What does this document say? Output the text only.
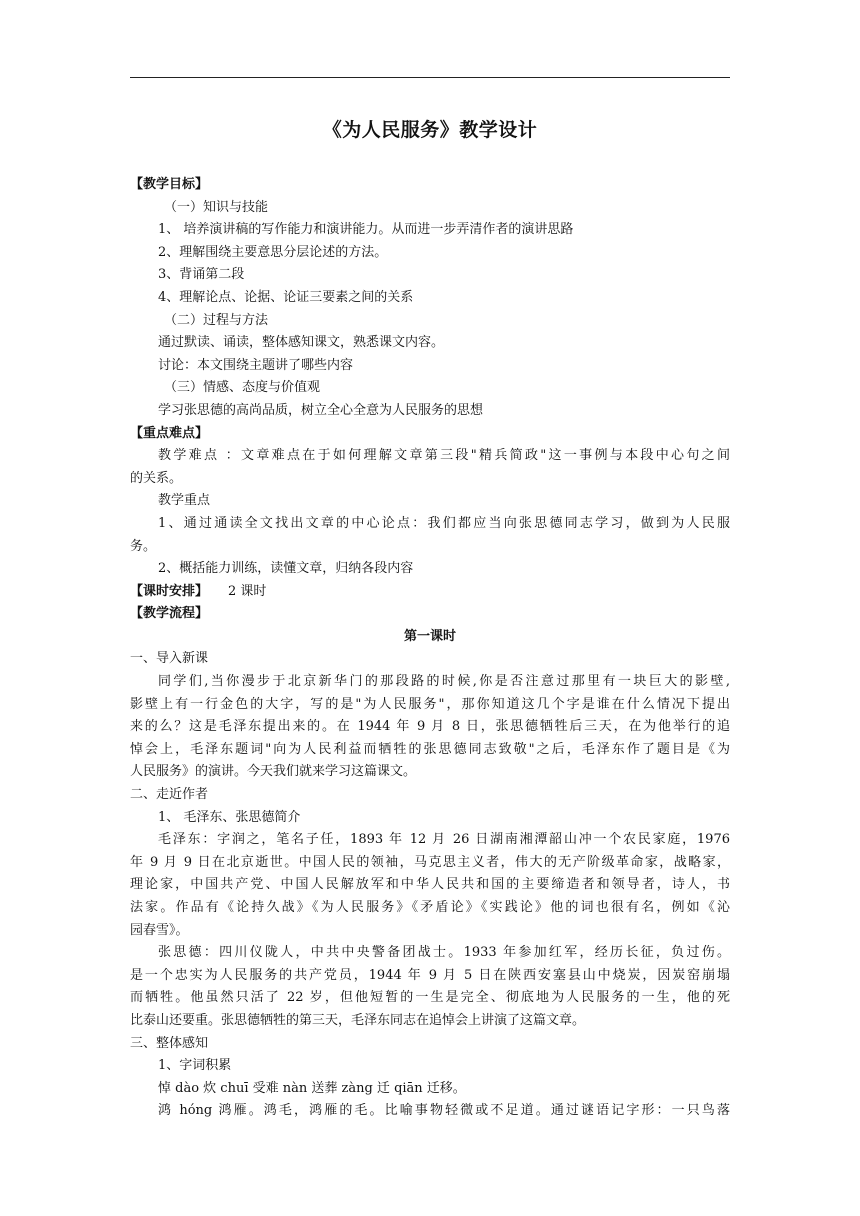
《为人民服务》教学设计
【教学目标】
（一）知识与技能
1、 培养演讲稿的写作能力和演讲能力。从而进一步弄清作者的演讲思路
2、理解围绕主要意思分层论述的方法。
3、背诵第二段
4、理解论点、论据、论证三要素之间的关系
（二）过程与方法
通过默读、诵读，整体感知课文，熟悉课文内容。
讨论：本文围绕主题讲了哪些内容
（三）情感、态度与价值观
学习张思德的高尚品质，树立全心全意为人民服务的思想
【重点难点】
教学难点 ：文章难点在于如何理解文章第三段"精兵简政"这一事例与本段中心句之间
的关系。
教学重点
1、通过通读全文找出文章的中心论点：我们都应当向张思德同志学习，做到为人民服
务。
2、概括能力训练，读懂文章，归纳各段内容
【课时安排】 2 课时
【教学流程】
第一课时
一、导入新课
同学们,当你漫步于北京新华门的那段路的时候,你是否注意过那里有一块巨大的影壁,
影壁上有一行金色的大字，写的是"为人民服务"，那你知道这几个字是谁在什么情况下提出
来的么？这是毛泽东提出来的。在 1944 年 9 月 8 日，张思德牺牲后三天，在为他举行的追
悼会上，毛泽东题词"向为人民利益而牺牲的张思德同志致敬"之后，毛泽东作了题目是《为
人民服务》的演讲。今天我们就来学习这篇课文。
二、走近作者
1、 毛泽东、张思德简介
毛泽东：字润之，笔名子任，1893 年 12 月 26 日湖南湘潭韶山冲一个农民家庭，1976
年 9 月 9 日在北京逝世。中国人民的领袖，马克思主义者，伟大的无产阶级革命家，战略家，
理论家，中国共产党、中国人民解放军和中华人民共和国的主要缔造者和领导者，诗人，书
法家。作品有《论持久战》《为人民服务》《矛盾论》《实践论》他的词也很有名，例如《沁
园春雪》。
张思德：四川仪陇人，中共中央警备团战士。1933 年参加红军，经历长征，负过伤。
是一个忠实为人民服务的共产党员，1944 年 9 月 5 日在陕西安塞县山中烧炭，因炭窑崩塌
而牺牲。他虽然只活了 22 岁，但他短暂的一生是完全、彻底地为人民服务的一生，他的死
比泰山还要重。张思德牺牲的第三天，毛泽东同志在追悼会上讲演了这篇文章。
三、整体感知
1、字词积累
悼 dào 炊 chuī 受难 nàn 送葬 zàng 迁 qiān 迁移。
鸿 hóng 鸿雁。鸿毛，鸿雁的毛。比喻事物轻微或不足道。通过谜语记字形：一只鸟落
